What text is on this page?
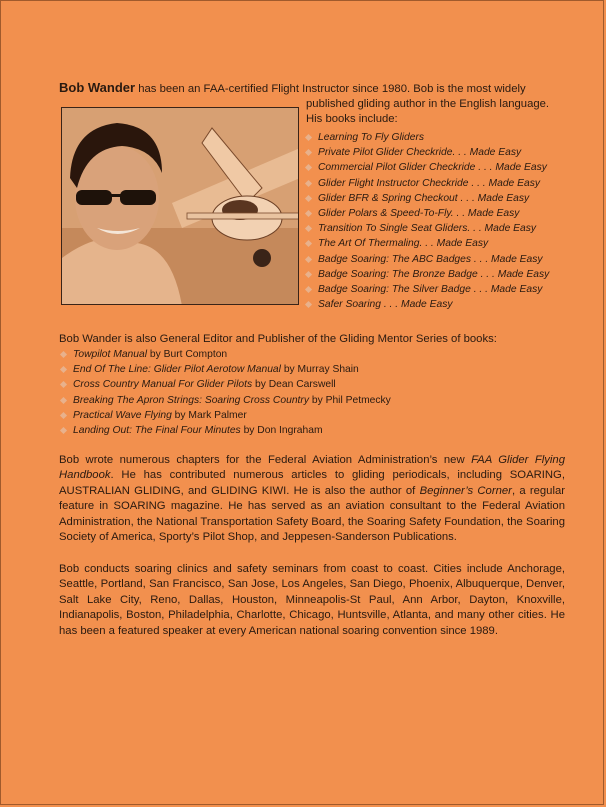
Bob Wander has been an FAA-certified Flight Instructor since 1980. Bob is the most widely
published gliding author in the English language.
His books include:
Learning To Fly Gliders
Private Pilot Glider Checkride. . . Made Easy
Commercial Pilot Glider Checkride . . . Made Easy
Glider Flight Instructor Checkride . . . Made Easy
Glider BFR & Spring Checkout . . . Made Easy
Glider Polars & Speed-To-Fly. . . Made Easy
Transition To Single Seat Gliders. . . Made Easy
The Art Of Thermaling. . . Made Easy
Badge Soaring: The ABC Badges . . . Made Easy
Badge Soaring: The Bronze Badge . . . Made Easy
Badge Soaring: The Silver Badge . . . Made Easy
Safer Soaring . . . Made Easy
Bob Wander is also General Editor and Publisher of the Gliding Mentor Series of books:
Towpilot Manual by Burt Compton
End Of The Line: Glider Pilot Aerotow Manual by Murray Shain
Cross Country Manual For Glider Pilots by Dean Carswell
Breaking The Apron Strings: Soaring Cross Country by Phil Petmecky
Practical Wave Flying by Mark Palmer
Landing Out: The Final Four Minutes by Don Ingraham
Bob wrote numerous chapters for the Federal Aviation Administration’s new FAA Glider Flying Handbook. He has contributed numerous articles to gliding periodicals, including SOARING, AUSTRALIAN GLIDING, and GLIDING KIWI. He is also the author of Beginner’s Corner, a regular feature in SOARING magazine. He has served as an aviation consultant to the Federal Aviation Administration, the National Transportation Safety Board, the Soaring Safety Foundation, the Soaring Society of America, Sporty’s Pilot Shop, and Jeppesen-Sanderson Publications.
Bob conducts soaring clinics and safety seminars from coast to coast. Cities include Anchorage, Seattle, Portland, San Francisco, San Jose, Los Angeles, San Diego, Phoenix, Albuquerque, Denver, Salt Lake City, Reno, Dallas, Houston, Minneapolis-St Paul, Ann Arbor, Dayton, Knoxville, Indianapolis, Boston, Philadelphia, Charlotte, Chicago, Huntsville, Atlanta, and many other cities. He has been a featured speaker at every American national soaring convention since 1989.
